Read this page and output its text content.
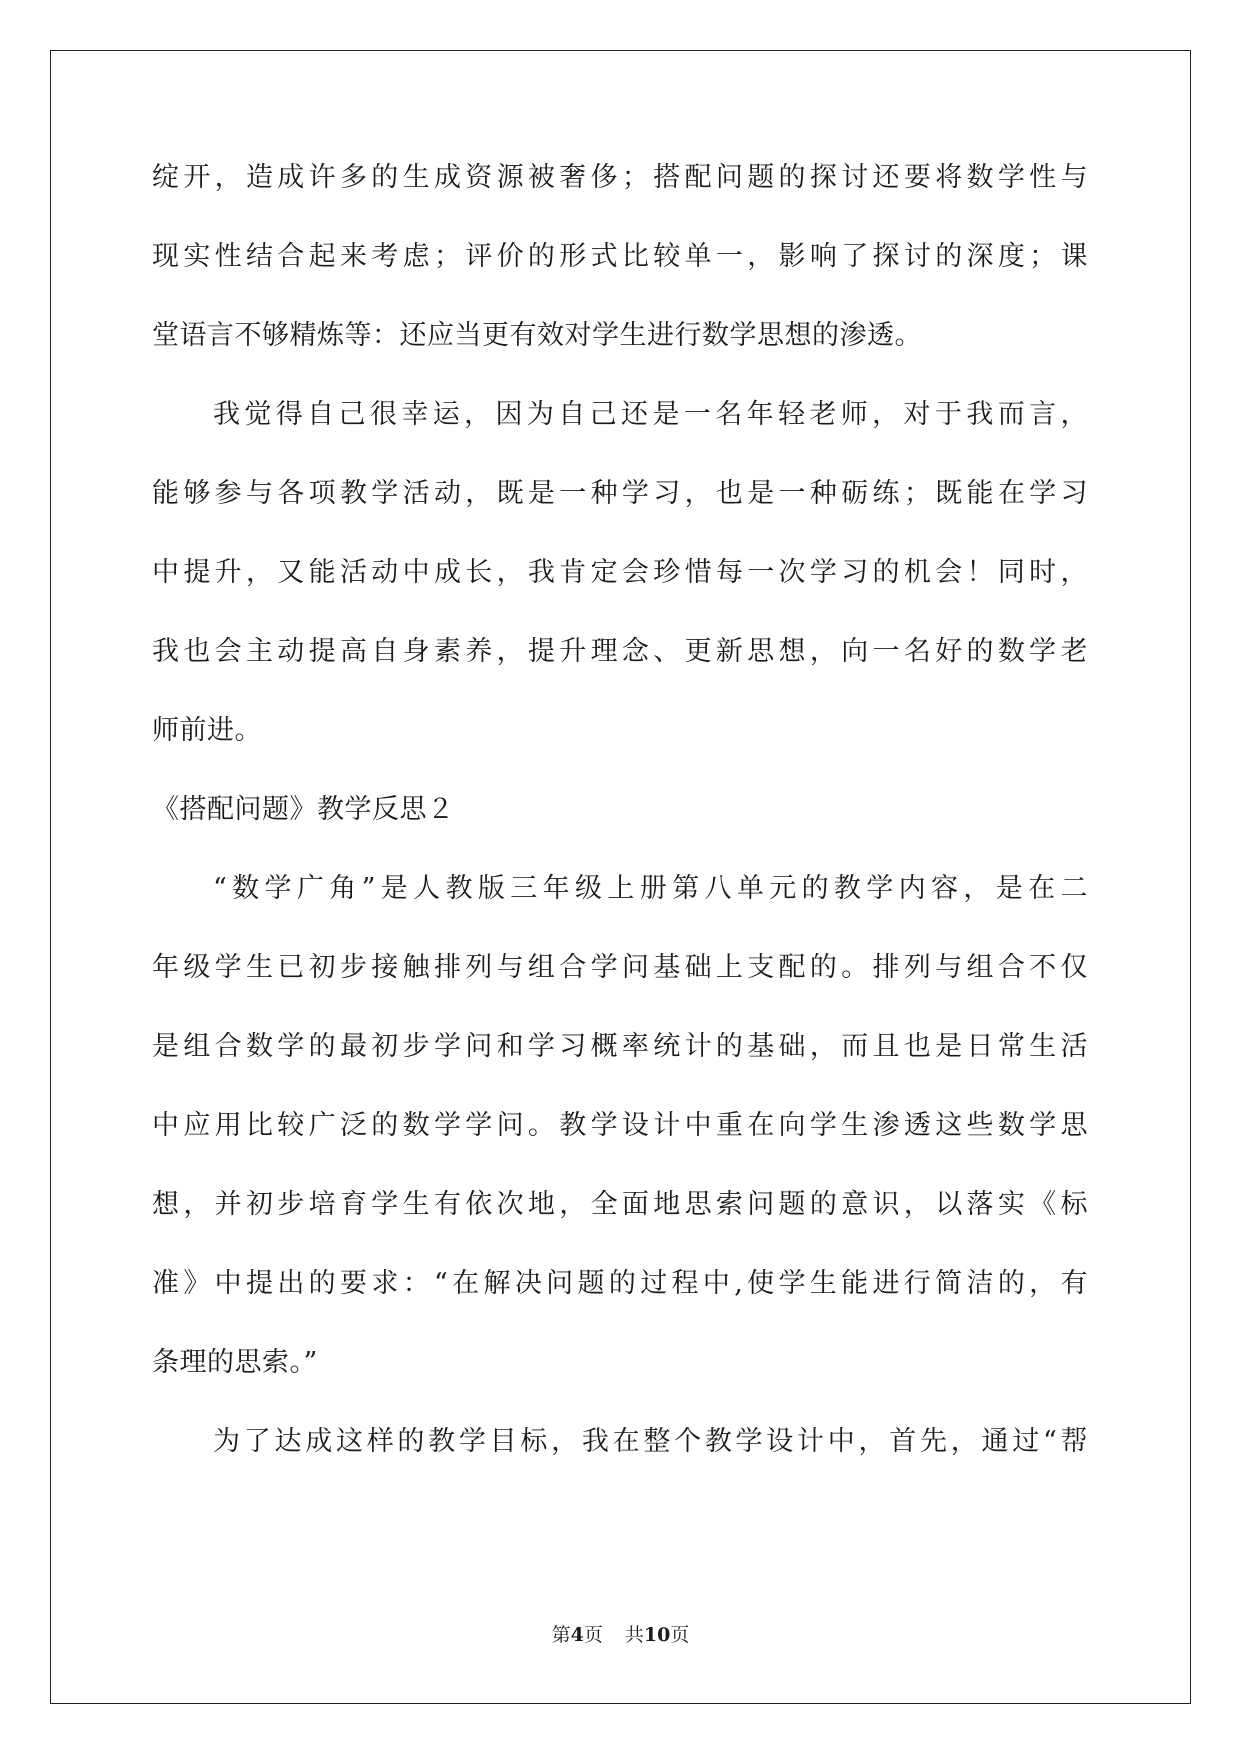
绽开，造成许多的生成资源被奢侈；搭配问题的探讨还要将数学性与
现实性结合起来考虑；评价的形式比较单一，影响了探讨的深度；课
堂语言不够精炼等：还应当更有效对学生进行数学思想的渗透。
我觉得自己很幸运，因为自己还是一名年轻老师，对于我而言，
能够参与各项教学活动，既是一种学习，也是一种砺练；既能在学习
中提升，又能活动中成长，我肯定会珍惜每一次学习的机会！同时，
我也会主动提高自身素养，提升理念、更新思想，向一名好的数学老
师前进。
《搭配问题》教学反思２
“数学广角”是人教版三年级上册第八单元的教学内容，是在二
年级学生已初步接触排列与组合学问基础上支配的。排列与组合不仅
是组合数学的最初步学问和学习概率统计的基础，而且也是日常生活
中应用比较广泛的数学学问。教学设计中重在向学生渗透这些数学思
想，并初步培育学生有依次地，全面地思索问题的意识，以落实《标
准》中提出的要求：“在解决问题的过程中,使学生能进行简洁的，有
条理的思索。”
为了达成这样的教学目标，我在整个教学设计中，首先，通过“帮
第4页 共10页
